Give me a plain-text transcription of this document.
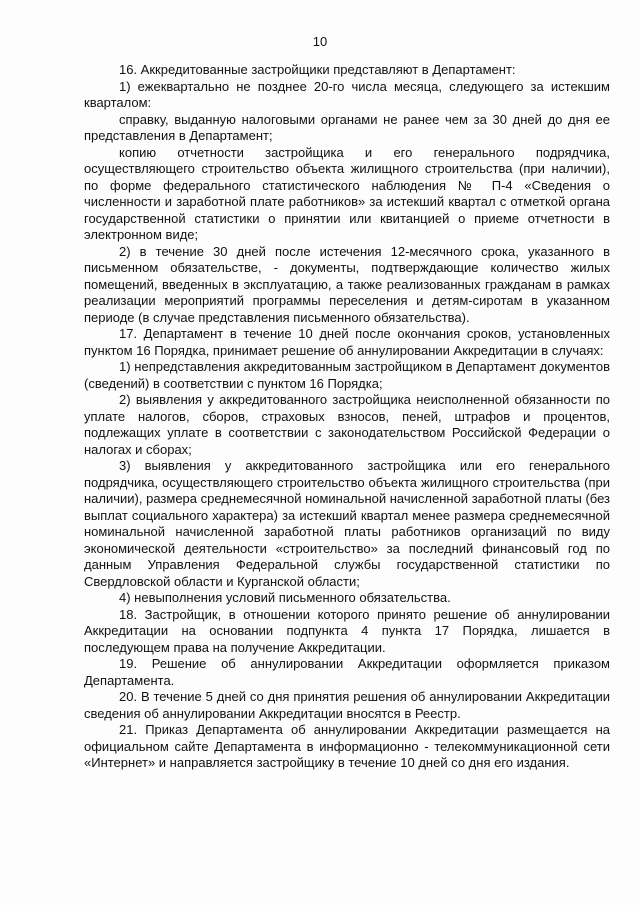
10

16. Аккредитованные застройщики представляют в Департамент:

1) ежеквартально не позднее 20-го числа месяца, следующего за истекшим кварталом:

справку, выданную налоговыми органами не ранее чем за 30 дней до дня ее представления в Департамент;

копию отчетности застройщика и его генерального подрядчика, осуществляющего строительство объекта жилищного строительства (при наличии), по форме федерального статистического наблюдения № П-4 «Сведения о численности и заработной плате работников» за истекший квартал с отметкой органа государственной статистики о принятии или квитанцией о приеме отчетности в электронном виде;

2) в течение 30 дней после истечения 12-месячного срока, указанного в письменном обязательстве, - документы, подтверждающие количество жилых помещений, введенных в эксплуатацию, а также реализованных гражданам в рамках реализации мероприятий программы переселения и детям-сиротам в указанном периоде (в случае представления письменного обязательства).

17. Департамент в течение 10 дней после окончания сроков, установленных пунктом 16 Порядка, принимает решение об аннулировании Аккредитации в случаях:

1) непредставления аккредитованным застройщиком в Департамент документов (сведений) в соответствии с пунктом 16 Порядка;

2) выявления у аккредитованного застройщика неисполненной обязанности по уплате налогов, сборов, страховых взносов, пеней, штрафов и процентов, подлежащих уплате в соответствии с законодательством Российской Федерации о налогах и сборах;

3) выявления у аккредитованного застройщика или его генерального подрядчика, осуществляющего строительство объекта жилищного строительства (при наличии), размера среднемесячной номинальной начисленной заработной платы (без выплат социального характера) за истекший квартал менее размера среднемесячной номинальной начисленной заработной платы работников организаций по виду экономической деятельности «строительство» за последний финансовый год по данным Управления Федеральной службы государственной статистики по Свердловской области и Курганской области;

4) невыполнения условий письменного обязательства.

18. Застройщик, в отношении которого принято решение об аннулировании Аккредитации на основании подпункта 4 пункта 17 Порядка, лишается в последующем права на получение Аккредитации.

19. Решение об аннулировании Аккредитации оформляется приказом Департамента.

20. В течение 5 дней со дня принятия решения об аннулировании Аккредитации сведения об аннулировании Аккредитации вносятся в Реестр.

21. Приказ Департамента об аннулировании Аккредитации размещается на официальном сайте Департамента в информационно - телекоммуникационной сети «Интернет» и направляется застройщику в течение 10 дней со дня его издания.
